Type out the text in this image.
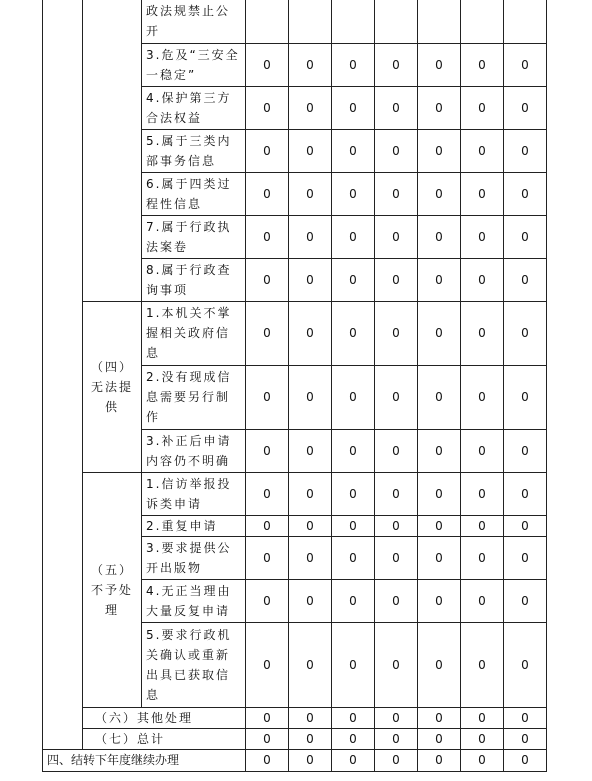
		政法规禁止公
开							
		3.危及“三安全
一稳定”	0	0	0	0	0	0	0
		4.保护第三方
合法权益	0	0	0	0	0	0	0
		5.属于三类内
部事务信息	0	0	0	0	0	0	0
		6.属于四类过
程性信息	0	0	0	0	0	0	0
		7.属于行政执
法案卷	0	0	0	0	0	0	0
		8.属于行政查
询事项	0	0	0	0	0	0	0
	（四）
无法提
供	1.本机关不掌
握相关政府信
息	0	0	0	0	0	0	0
		2.没有现成信
息需要另行制
作	0	0	0	0	0	0	0
		3.补正后申请
内容仍不明确	0	0	0	0	0	0	0
	（五）
不予处
理	1.信访举报投
诉类申请	0	0	0	0	0	0	0
		2.重复申请	0	0	0	0	0	0	0
		3.要求提供公
开出版物	0	0	0	0	0	0	0
		4.无正当理由
大量反复申请	0	0	0	0	0	0	0
		5.要求行政机
关确认或重新
出具已获取信
息	0	0	0	0	0	0	0
	（六）其他处理		0	0	0	0	0	0	0
	（七）总计		0	0	0	0	0	0	0
四、结转下年度继续办理			0	0	0	0	0	0	0
